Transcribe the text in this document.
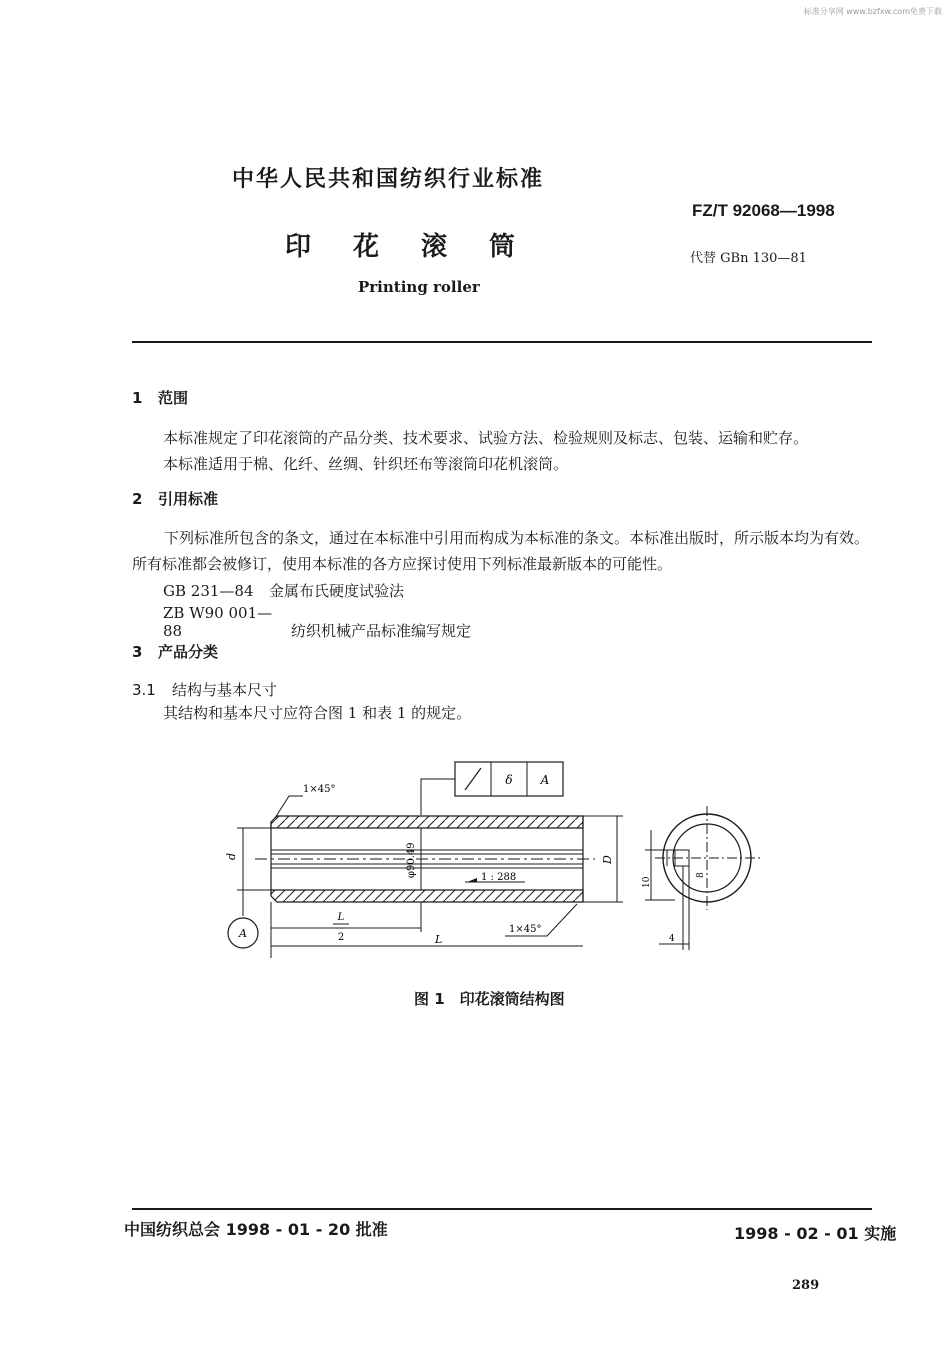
标准分享网 www.bzfxw.com免费下载
中华人民共和国纺织行业标准
FZ/T 92068—1998
印花滚筒	代替 GBn 130—81
Printing roller
1 范围
本标准规定了印花滚筒的产品分类、技术要求、试验方法、检验规则及标志、包装、运输和贮存。
本标准适用于棉、化纤、丝绸、针织坯布等滚筒印花机滚筒。
2 引用标准
下列标准所包含的条文，通过在本标准中引用而构成为本标准的条文。本标准出版时，所示版本均为有效。所有标准都会被修订，使用本标准的各方应探讨使用下列标准最新版本的可能性。
GB 231—84 金属布氏硬度试验法
ZB W90 001—88	纺织机械产品标准编写规定
3 产品分类
3.1 结构与基本尺寸
其结构和基本尺寸应符合图 1 和表 1 的规定。
δ A
1×45°
φ90.49	1 : 288
d	D
A
L
2	L
1×45°
10
8
4
图 1　印花滚筒结构图
中国纺织总会 1998 - 01 - 20 批准	1998 - 02 - 01 实施
289
